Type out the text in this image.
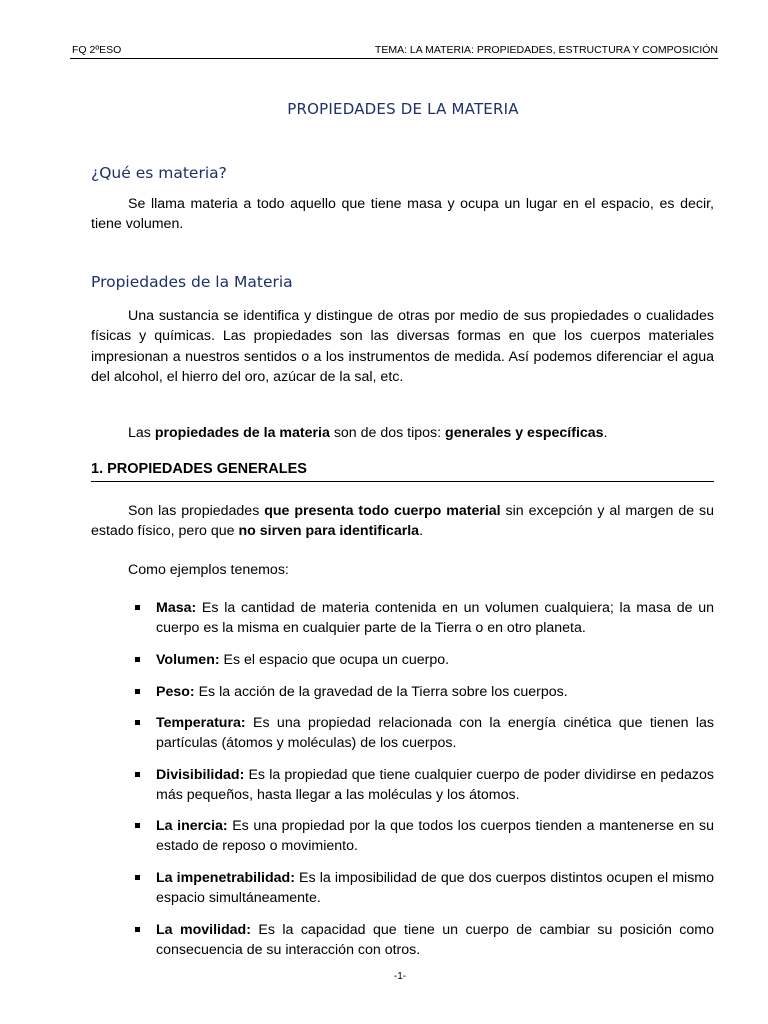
FQ 2ºESO	TEMA: LA MATERIA: PROPIEDADES, ESTRUCTURA Y COMPOSICIÓN
PROPIEDADES DE LA MATERIA
¿Qué es materia?
Se llama materia a todo aquello que tiene masa y ocupa un lugar en el espacio, es decir, tiene volumen.
Propiedades de la Materia
Una sustancia se identifica y distingue de otras por medio de sus propiedades o cualidades físicas y químicas. Las propiedades son las diversas formas en que los cuerpos materiales impresionan a nuestros sentidos o a los instrumentos de medida. Así podemos diferenciar el agua del alcohol, el hierro del oro, azúcar de la sal, etc.
Las propiedades de la materia son de dos tipos: generales y específicas.
1. PROPIEDADES GENERALES
Son las propiedades que presenta todo cuerpo material sin excepción y al margen de su estado físico, pero que no sirven para identificarla.
Como ejemplos tenemos:
Masa: Es la cantidad de materia contenida en un volumen cualquiera; la masa de un cuerpo es la misma en cualquier parte de la Tierra o en otro planeta.
Volumen: Es el espacio que ocupa un cuerpo.
Peso: Es la acción de la gravedad de la Tierra sobre los cuerpos.
Temperatura: Es una propiedad relacionada con la energía cinética que tienen las partículas (átomos y moléculas) de los cuerpos.
Divisibilidad: Es la propiedad que tiene cualquier cuerpo de poder dividirse en pedazos más pequeños, hasta llegar a las moléculas y los átomos.
La inercia: Es una propiedad por la que todos los cuerpos tienden a mantenerse en su estado de reposo o movimiento.
La impenetrabilidad: Es la imposibilidad de que dos cuerpos distintos ocupen el mismo espacio simultáneamente.
La movilidad: Es la capacidad que tiene un cuerpo de cambiar su posición como consecuencia de su interacción con otros.
-1-
